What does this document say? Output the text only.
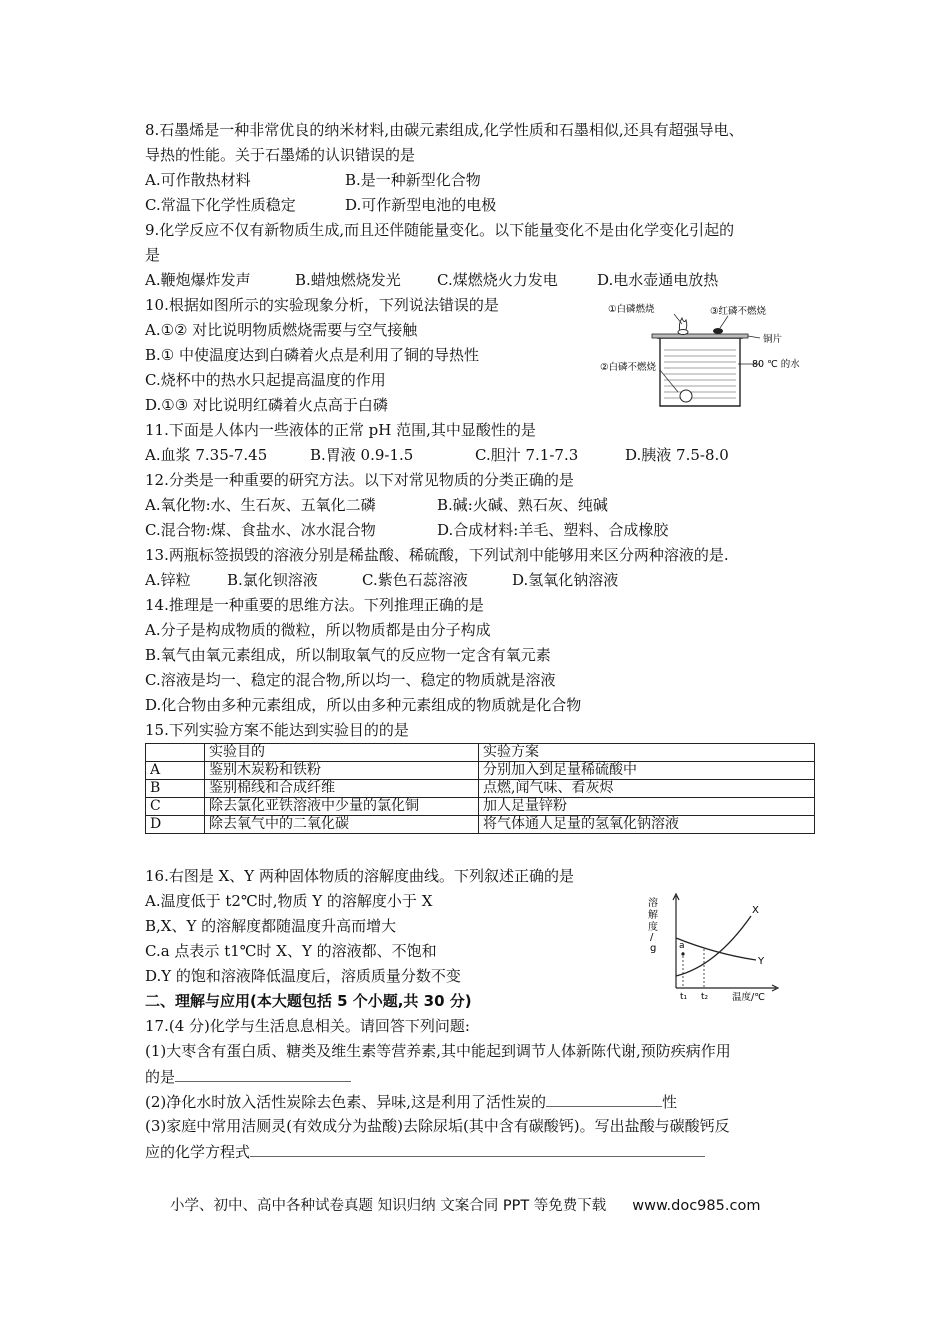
8.石墨烯是一种非常优良的纳米材料,由碳元素组成,化学性质和石墨相似,还具有超强导电、
导热的性能。关于石墨烯的认识错误的是
A.可作散热材料	B.是一种新型化合物
C.常温下化学性质稳定	D.可作新型电池的电极
9.化学反应不仅有新物质生成,而且还伴随能量变化。以下能量变化不是由化学变化引起的
是
A.鞭炮爆炸发声	B.蜡烛燃烧发光 C.煤燃烧火力发电	D.电水壶通电放热
10.根据如图所示的实验现象分析，下列说法错误的是
A.①② 对比说明物质燃烧需要与空气接触
B.① 中使温度达到白磷着火点是利用了铜的导热性
C.烧杯中的热水只起提高温度的作用
D.①③ 对比说明红磷着火点高于白磷
①白磷燃烧	③红磷不燃烧
铜片
②白磷不燃烧	80 ℃ 的水
11.下面是人体内一些液体的正常 pH 范围,其中显酸性的是
A.血浆 7.35-7.45	B.胃液 0.9-1.5	C.胆汁 7.1-7.3	D.胰液 7.5-8.0
12.分类是一种重要的研究方法。以下对常见物质的分类正确的是
A.氧化物:水、生石灰、五氧化二磷	B.碱:火碱、熟石灰、纯碱
C.混合物:煤、食盐水、冰水混合物	D.合成材料:羊毛、塑料、合成橡胶
13.两瓶标签损毁的溶液分别是稀盐酸、稀硫酸，下列试剂中能够用来区分两种溶液的是.
A.锌粒 B.氯化钡溶液	C.紫色石蕊溶液	D.氢氧化钠溶液
14.推理是一种重要的思维方法。下列推理正确的是
A.分子是构成物质的微粒，所以物质都是由分子构成
B.氧气由氧元素组成，所以制取氧气的反应物一定含有氧元素
C.溶液是均一、稳定的混合物,所以均一、稳定的物质就是溶液
D.化合物由多种元素组成，所以由多种元素组成的物质就是化合物
15.下列实验方案不能达到实验目的的是
	实验目的	实验方案
A	鉴别木炭粉和铁粉	分别加入到足量稀硫酸中
B	鉴别棉线和合成纤维	点燃,闻气味、看灰烬
C	除去氯化亚铁溶液中少量的氯化铜	加人足量锌粉
D	除去氧气中的二氧化碳	将气体通人足量的氢氧化钠溶液
16.右图是 X、Y 两种固体物质的溶解度曲线。下列叙述正确的是
A.温度低于 t2℃时,物质 Y 的溶解度小于 X
B,X、Y 的溶解度都随温度升高而增大
C.a 点表示 t1℃时 X、Y 的溶液都、不饱和
D.Y 的饱和溶液降低温度后，溶质质量分数不变
溶
解
度
/
g
X
Y
a
t₁ t₂	温度/℃
二、理解与应用(本大题包括 5 个小题,共 30 分)
17.(4 分)化学与生活息息相关。请回答下列问题:
(1)大枣含有蛋白质、糖类及维生素等营养素,其中能起到调节人体新陈代谢,预防疾病作用
的是
(2)净化水时放入活性炭除去色素、异味,这是利用了活性炭的	性
(3)家庭中常用洁厕灵(有效成分为盐酸)去除尿垢(其中含有碳酸钙)。写出盐酸与碳酸钙反
应的化学方程式
小学、初中、高中各种试卷真题 知识归纳 文案合同 PPT 等免费下载 www.doc985.com
